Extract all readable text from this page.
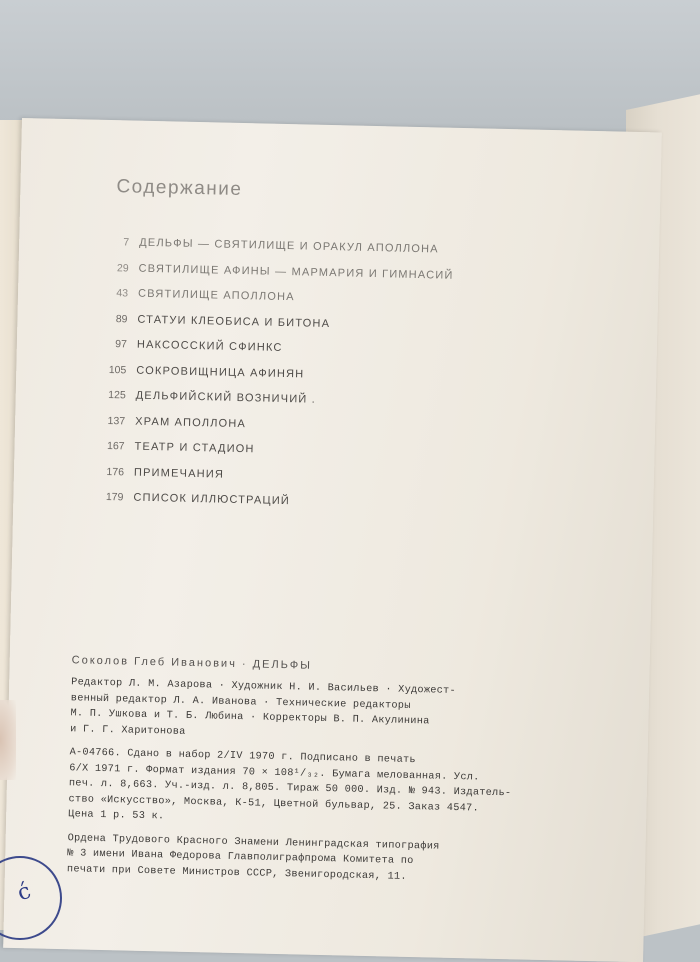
Содержание
7 ДЕЛЬФЫ — СВЯТИЛИЩЕ И ОРАКУЛ АПОЛЛОНА
29 СВЯТИЛИЩЕ АФИНЫ — МАРМАРИЯ И ГИМНАСИЙ
43 СВЯТИЛИЩЕ АПОЛЛОНА
89 СТАТУИ КЛЕОБИСА И БИТОНА
97 НАКСОССКИЙ СФИНКС
105 СОКРОВИЩНИЦА АФИНЯН
125 ДЕЛЬФИЙСКИЙ ВОЗНИЧИЙ .
137 ХРАМ АПОЛЛОНА
167 ТЕАТР И СТАДИОН
176 ПРИМЕЧАНИЯ
179 СПИСОК ИЛЛЮСТРАЦИЙ
Соколов Глеб Иванович · ДЕЛЬФЫ
Редактор Л. М. Азарова · Художник Н. И. Васильев · Художест-
венный редактор Л. А. Иванова · Технические редакторы
М. П. Ушкова и Т. Б. Любина · Корректоры В. П. Акулинина
и Г. Г. Харитонова
А-04766. Сдано в набор 2/IV 1970 г. Подписано в печать
6/X 1971 г. Формат издания 70 × 108¹/₃₂. Бумага мелованная. Усл.
печ. л. 8,663. Уч.-изд. л. 8,805. Тираж 50 000. Изд. № 943. Издатель-
ство «Искусство», Москва, К-51, Цветной бульвар, 25. Заказ 4547.
Цена 1 р. 53 к.
Ордена Трудового Красного Знамени Ленинградская типография
№ 3 имени Ивана Федорова Главполиграфпрома Комитета по
печати при Совете Министров СССР, Звенигородская, 11.
ć
